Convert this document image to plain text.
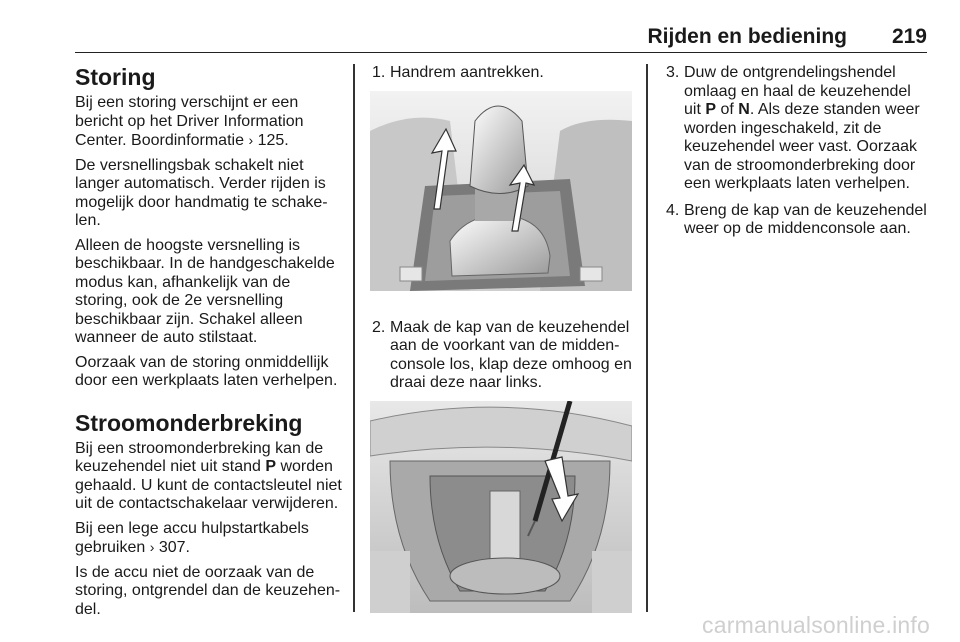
Rijden en bediening 219
Storing

Bij een storing verschijnt er een bericht op het Driver Information Center. Boordinformatie › 125.

De versnellingsbak schakelt niet langer automatisch. Verder rijden is mogelijk door handmatig te schake-len.

Alleen de hoogste versnelling is beschikbaar. In de handgeschakelde modus kan, afhankelijk van de storing, ook de 2e versnelling beschikbaar zijn. Schakel alleen wanneer de auto stilstaat.

Oorzaak van de storing onmiddellijk door een werkplaats laten verhelpen.

Stroomonderbreking

Bij een stroomonderbreking kan de keuzehendel niet uit stand P worden gehaald. U kunt de contactsleutel niet uit de contactschakelaar verwijderen.

Bij een lege accu hulpstartkabels gebruiken › 307.

Is de accu niet de oorzaak van de storing, ontgrendel dan de keuzehen-del.

1. Handrem aantrekken.
2. Maak de kap van de keuzehendel aan de voorkant van de midden-console los, klap deze omhoog en draai deze naar links.
3. Duw de ontgrendelingshendel omlaag en haal de keuzehendel uit P of N. Als deze standen weer worden ingeschakeld, zit de keuzehendel weer vast. Oorzaak van de stroomonderbreking door een werkplaats laten verhelpen.
4. Breng de kap van de keuzehendel weer op de middenconsole aan.
carmanualsonline.info
